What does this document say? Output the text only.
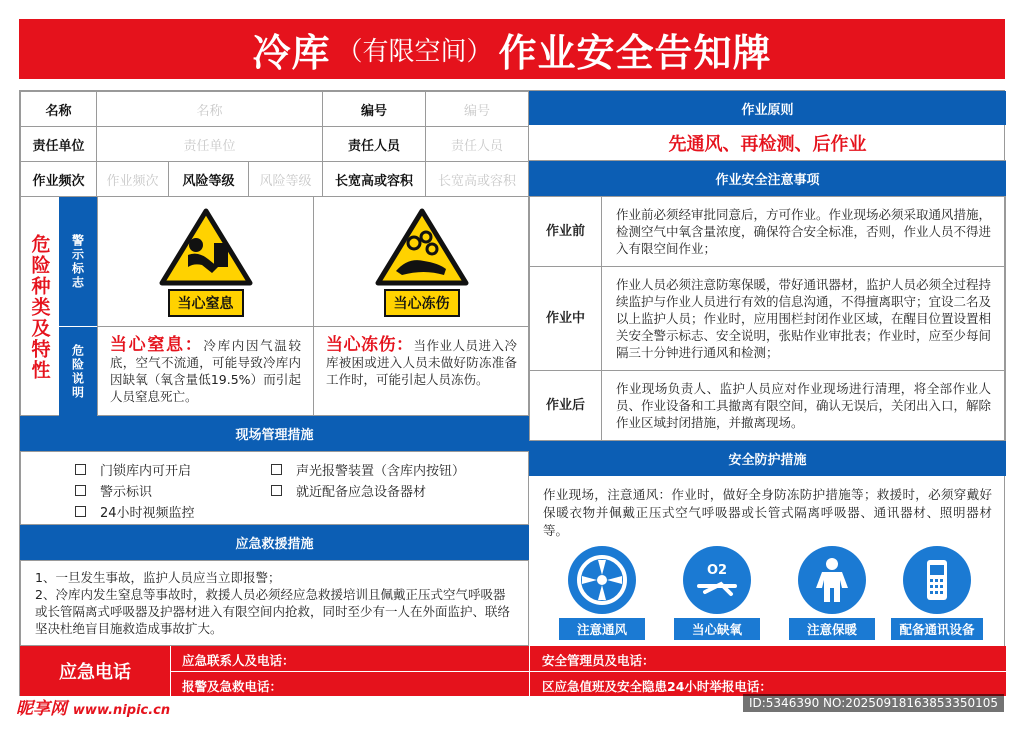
冷库 （有限空间） 作业安全告知牌
名称	名称	编号	编号
责任单位	责任单位	责任人员	责任人员
作业频次	作业频次	风险等级	风险等级	长宽高或容积	长宽高或容积
危险种类及特性	警示标志
危险说明
当心窒息	当心冻伤
当心窒息：冷库内因气温较底，空气不流通，可能导致冷库内因缺氧（氧含量低19.5%）而引起人员窒息死亡。
当心冻伤：当作业人员进入冷库被困或进入人员未做好防冻准备工作时，可能引起人员冻伤。
现场管理措施
门锁库内可开启	声光报警装置（含库内按钮）
警示标识	就近配备应急设备器材
24小时视频监控
应急救援措施
1、一旦发生事故，监护人员应当立即报警；
2、冷库内发生窒息等事故时，救援人员必须经应急救援培训且佩戴正压式空气呼吸器或长管隔离式呼吸器及护器材进入有限空间内抢救，同时至少有一人在外面监护、联络坚决杜绝盲目施救造成事故扩大。
作业原则
先通风、再检测、后作业
作业安全注意事项
作业前	作业前必须经审批同意后，方可作业。作业现场必须采取通风措施，检测空气中氧含量浓度，确保符合安全标准，否则，作业人员不得进入有限空间作业；
作业中	作业人员必须注意防寒保暖，带好通讯器材，监护人员必须全过程持续监护与作业人员进行有效的信息沟通，不得擅离职守；宜设二名及以上监护人员；作业时，应用围栏封闭作业区域，在醒目位置设置相关安全警示标志、安全说明，张贴作业审批表；作业时，应至少每间隔三十分钟进行通风和检测；
作业后	作业现场负责人、监护人员应对作业现场进行清理，将全部作业人员、作业设备和工具撤离有限空间，确认无误后，关闭出入口，解除作业区域封闭措施，并撤离现场。
安全防护措施
作业现场，注意通风：作业时，做好全身防冻防护措施等；救援时，必须穿戴好保暖衣物并佩戴正压式空气呼吸器或长管式隔离呼吸器、通讯器材、照明器材等。
注意通风
O2
当心缺氧	注意保暖	配备通讯设备
应急电话
应急联系人及电话：
报警及急救电话：
安全管理员及电话：
区应急值班及安全隐患24小时举报电话：
昵享网 www.nipic.cn	ID:5346390 NO:20250918163853350105
